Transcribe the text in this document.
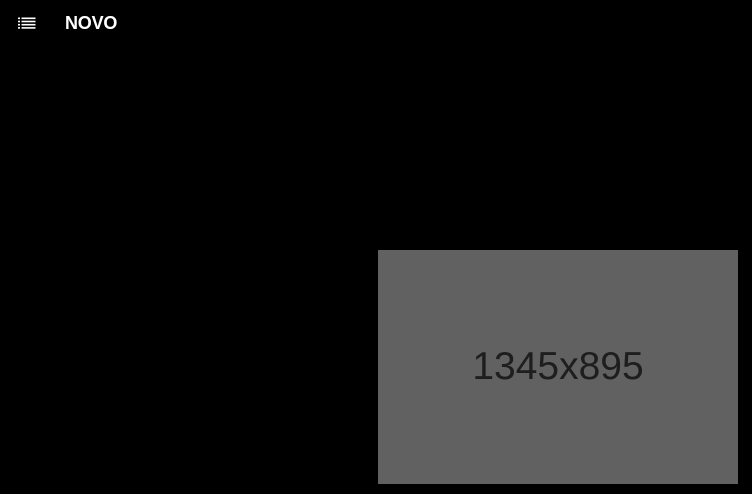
NOVO
1345x895
